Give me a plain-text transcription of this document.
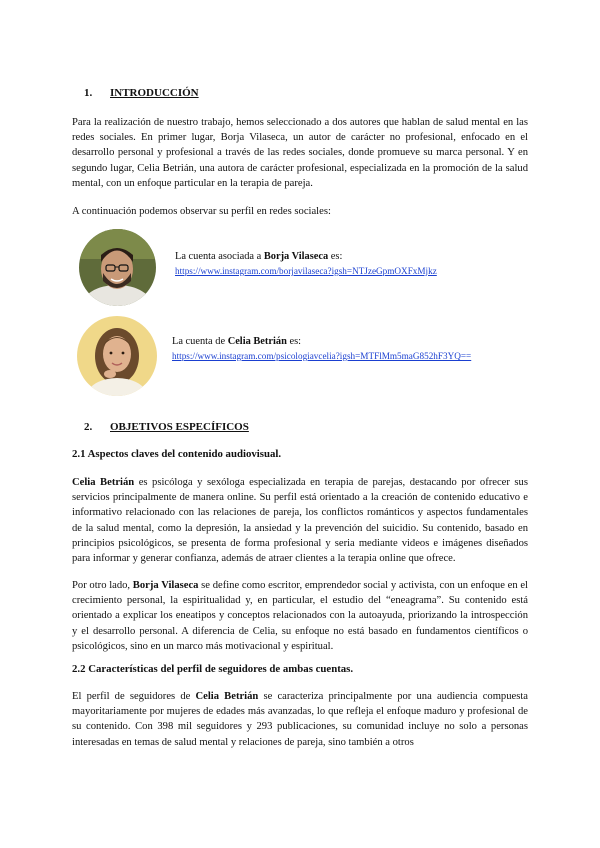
1. INTRODUCCIÓN

Para la realización de nuestro trabajo, hemos seleccionado a dos autores que hablan de salud mental en las redes sociales. En primer lugar, Borja Vilaseca, un autor de carácter no profesional, enfocado en el desarrollo personal y profesional a través de las redes sociales, donde promueve su marca personal. Y en segundo lugar, Celia Betrián, una autora de carácter profesional, especializada en la promoción de la salud mental, con un enfoque particular en la terapia de pareja.

A continuación podemos observar su perfil en redes sociales:

La cuenta asociada a Borja Vilaseca es:
https://www.instagram.com/borjavilaseca?igsh=NTJzeGpmOXFxMjkz
La cuenta de Celia Betrián es:
https://www.instagram.com/psicologiavcelia?igsh=MTFlMm5maG852hF3YQ==
2. OBJETIVOS ESPECÍFICOS
2.1 Aspectos claves del contenido audiovisual.

Celia Betrián es psicóloga y sexóloga especializada en terapia de parejas, destacando por ofrecer sus servicios principalmente de manera online. Su perfil está orientado a la creación de contenido educativo e informativo relacionado con las relaciones de pareja, los conflictos románticos y aspectos fundamentales de la salud mental, como la depresión, la ansiedad y la prevención del suicidio. Su contenido, basado en principios psicológicos, se presenta de forma profesional y seria mediante videos e imágenes diseñados para informar y generar confianza, además de atraer clientes a la terapia online que ofrece.

Por otro lado, Borja Vilaseca se define como escritor, emprendedor social y activista, con un enfoque en el crecimiento personal, la espiritualidad y, en particular, el estudio del “eneagrama”. Su contenido está orientado a explicar los eneatipos y conceptos relacionados con la autoayuda, priorizando la introspección y el desarrollo personal. A diferencia de Celia, su enfoque no está basado en fundamentos científicos o psicológicos, sino en un marco más motivacional y espiritual.

2.2 Características del perfil de seguidores de ambas cuentas.

El perfil de seguidores de Celia Betrián se caracteriza principalmente por una audiencia compuesta mayoritariamente por mujeres de edades más avanzadas, lo que refleja el enfoque maduro y profesional de su contenido. Con 398 mil seguidores y 293 publicaciones, su comunidad incluye no solo a personas interesadas en temas de salud mental y relaciones de pareja, sino también a otros
